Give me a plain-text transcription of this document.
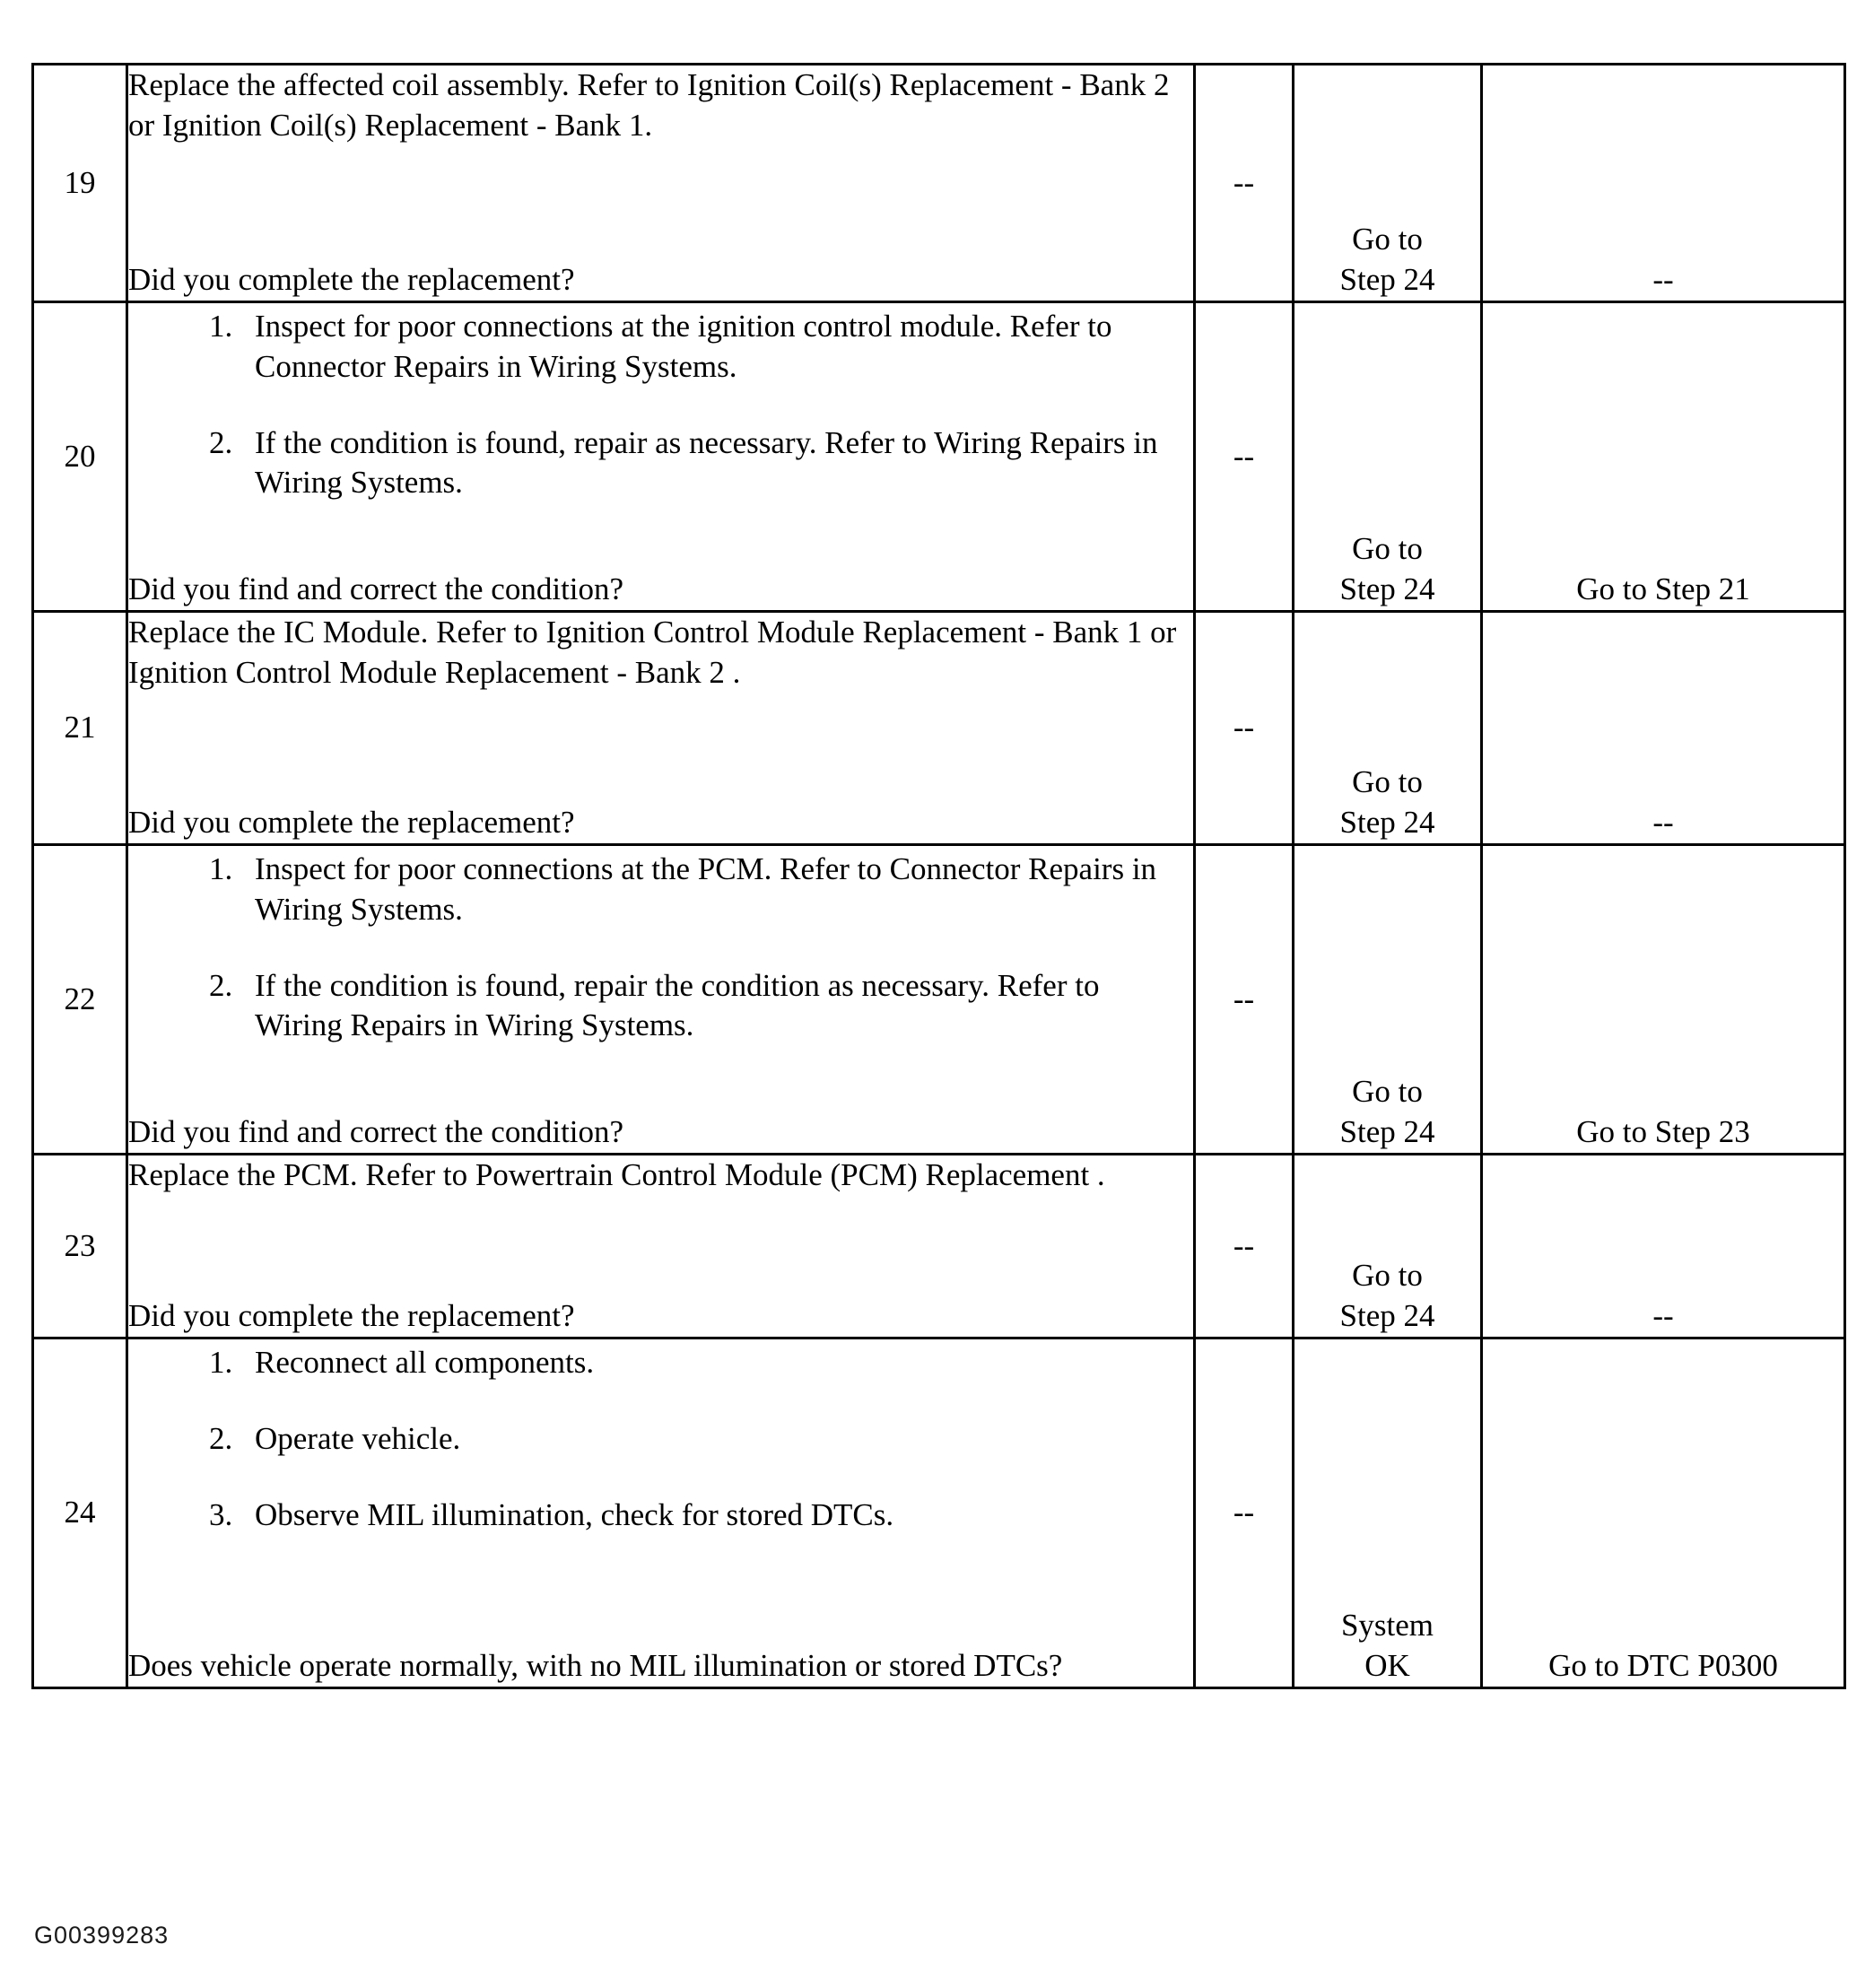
19	
Replace the affected coil assembly. Refer to Ignition Coil(s) Replacement - Bank 2 or Ignition Coil(s) Replacement - Bank 1.
Did you complete the replacement?
	--	
Go to
Step 24	--

20	
1. Inspect for poor connections at the ignition control module. Refer to Connector Repairs in Wiring Systems.
2. If the condition is found, repair as necessary. Refer to Wiring Repairs in Wiring Systems.
Did you find and correct the condition?
	--	
Go to
Step 24	Go to Step 21

21	
Replace the IC Module. Refer to Ignition Control Module Replacement - Bank 1 or Ignition Control Module Replacement - Bank 2 .
Did you complete the replacement?
	--	
Go to
Step 24	--

22	
1. Inspect for poor connections at the PCM. Refer to Connector Repairs in Wiring Systems.
2. If the condition is found, repair the condition as necessary. Refer to Wiring Repairs in Wiring Systems.
Did you find and correct the condition?
	--	
Go to
Step 24	Go to Step 23

23	
Replace the PCM. Refer to Powertrain Control Module (PCM) Replacement .
Did you complete the replacement?
	--	
Go to
Step 24	--

24	
1. Reconnect all components.
2. Operate vehicle.
3. Observe MIL illumination, check for stored DTCs.
Does vehicle operate normally, with no MIL illumination or stored DTCs?
	--	
System
OK	Go to DTC P0300
G00399283
